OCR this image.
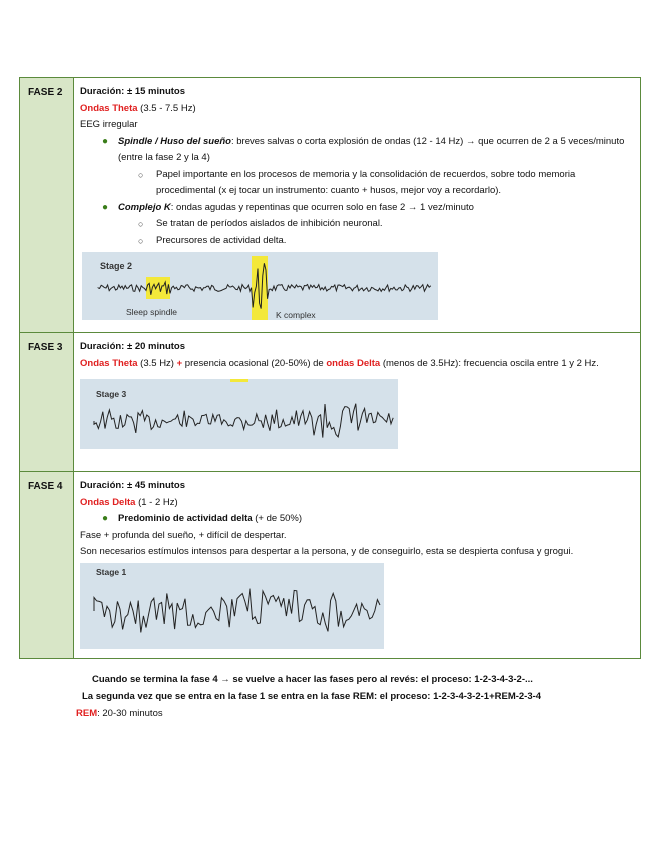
FASE 2	Duración: ± 15 minutos
Ondas Theta (3.5 - 7.5 Hz)
EEG irregular
● Spindle / Huso del sueño: breves salvas o corta explosión de ondas (12 - 14 Hz) → que ocurren de 2 a 5 veces/minuto (entre la fase 2 y la 4)
○ Papel importante en los procesos de memoria y la consolidación de recuerdos, sobre todo memoria procedimental (x ej tocar un instrumento: cuanto + husos, mejor voy a recordarlo).
● Complejo K: ondas agudas y repentinas que ocurren solo en fase 2 → 1 vez/minuto
○ Se tratan de períodos aislados de inhibición neuronal.
○ Precursores de actividad delta.
Stage 2
Sleep spindle	K complex
FASE 3	Duración: ± 20 minutos
Ondas Theta (3.5 Hz) + presencia ocasional (20-50%) de ondas Delta (menos de 3.5Hz): frecuencia oscila entre 1 y 2 Hz.
Stage 3
FASE 4	Duración: ± 45 minutos
Ondas Delta (1 - 2 Hz)
● Predominio de actividad delta (+ de 50%)
Fase + profunda del sueño, + difícil de despertar.
Son necesarios estímulos intensos para despertar a la persona, y de conseguirlo, esta se despierta confusa y grogui.
Stage 1
Cuando se termina la fase 4 → se vuelve a hacer las fases pero al revés: el proceso: 1-2-3-4-3-2-...
La segunda vez que se entra en la fase 1 se entra en la fase REM: el proceso: 1-2-3-4-3-2-1+REM-2-3-4
REM: 20-30 minutos
